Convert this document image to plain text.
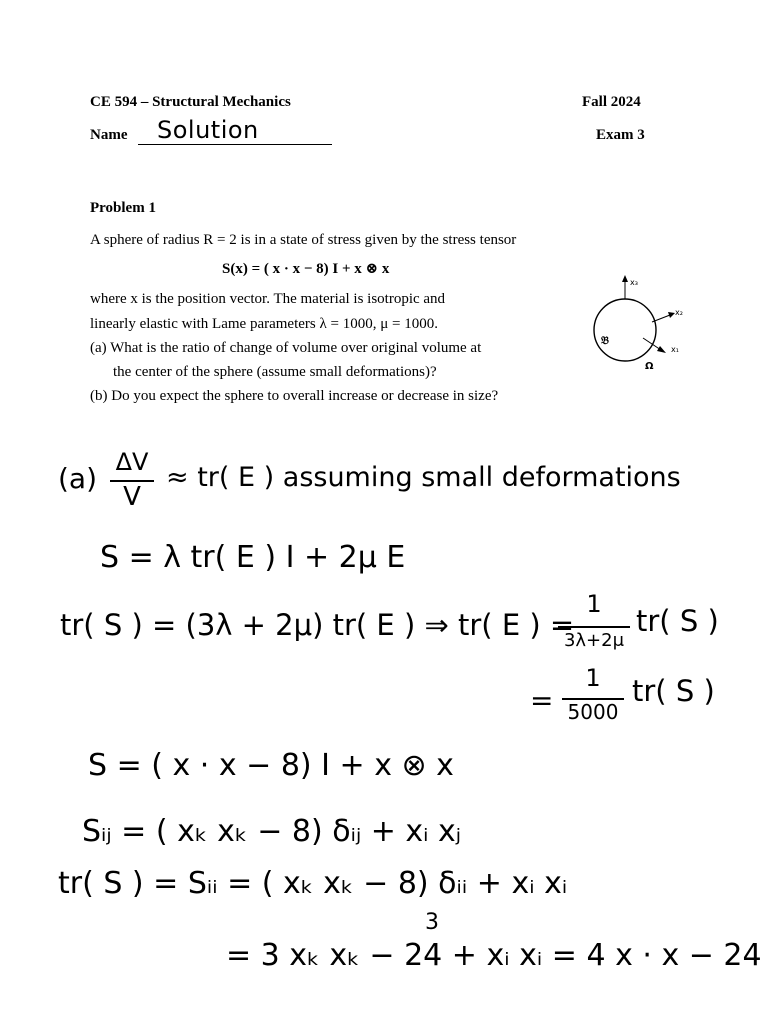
CE 594 – Structural Mechanics	Fall 2024
Name Solution	Exam 3
Problem 1
A sphere of radius R = 2 is in a state of stress given by the stress tensor
S(x) = ( x · x − 8) I + x ⊗ x
where x is the position vector. The material is isotropic and
linearly elastic with Lame parameters λ = 1000, μ = 1000.
(a) What is the ratio of change of volume over original volume at
the center of the sphere (assume small deformations)?
(b) Do you expect the sphere to overall increase or decrease in size?
x₃
x₂
x₁
𝔅
Ω
(a) ΔV
V
≈ tr( E ) assuming small deformations
S = λ tr( E ) I + 2μ E
tr( S ) = (3λ + 2μ) tr( E ) ⇒ tr( E ) =
1
3λ+2μ
tr( S )
=
1
5000
tr( S )
S = ( x · x − 8) I + x ⊗ x
Sᵢⱼ = ( xₖ xₖ − 8) δᵢⱼ + xᵢ xⱼ
tr( S ) = Sᵢᵢ = ( xₖ xₖ − 8) δᵢᵢ + xᵢ xᵢ
3
= 3 xₖ xₖ − 24 + xᵢ xᵢ = 4 x · x − 24
